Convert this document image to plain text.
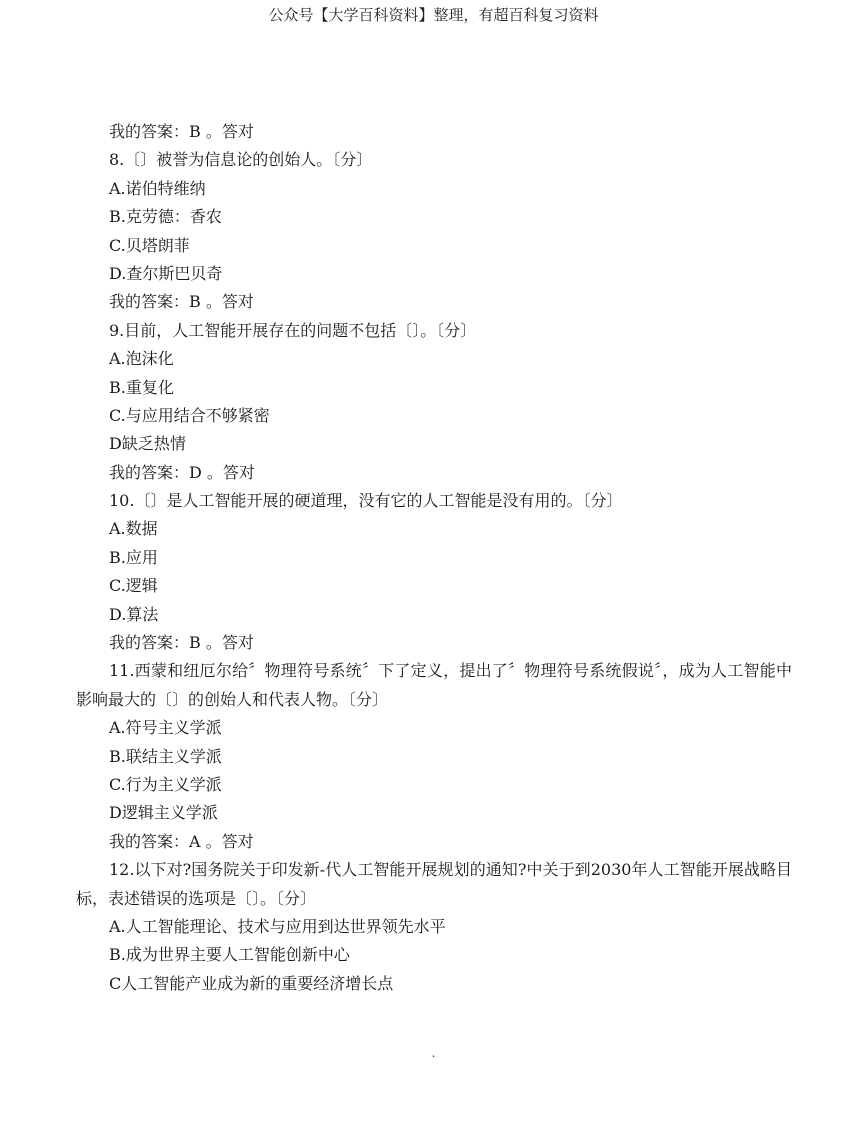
公众号【大学百科资料】整理，有超百科复习资料
我的答案：B 。答对
8.〔〕被誉为信息论的创始人。〔分〕
A.诺伯特维纳
B.克劳德：香农
C.贝塔朗菲
D.查尔斯巴贝奇
我的答案：B 。答对
9.目前，人工智能开展存在的问题不包括〔〕。〔分〕
A.泡沫化
B.重复化
C.与应用结合不够紧密
D缺乏热情
我的答案：D 。答对
10.〔〕是人工智能开展的硬道理，没有它的人工智能是没有用的。〔分〕
A.数据
B.应用
C.逻辑
D.算法
我的答案：B 。答对
11.西蒙和纽厄尔给〞物理符号系统〞下了定义，提出了〞物理符号系统假说〞，成为人工智能中影响最大的〔〕的创始人和代表人物。〔分〕
A.符号主义学派
B.联结主义学派
C.行为主义学派
D逻辑主义学派
我的答案：A 。答对
12.以下对?国务院关于印发新-代人工智能开展规划的通知?中关于到2030年人工智能开展战略目标，表述错误的选项是〔〕。〔分〕
A.人工智能理论、技术与应用到达世界领先水平
B.成为世界主要人工智能创新中心
C人工智能产业成为新的重要经济增长点
.
